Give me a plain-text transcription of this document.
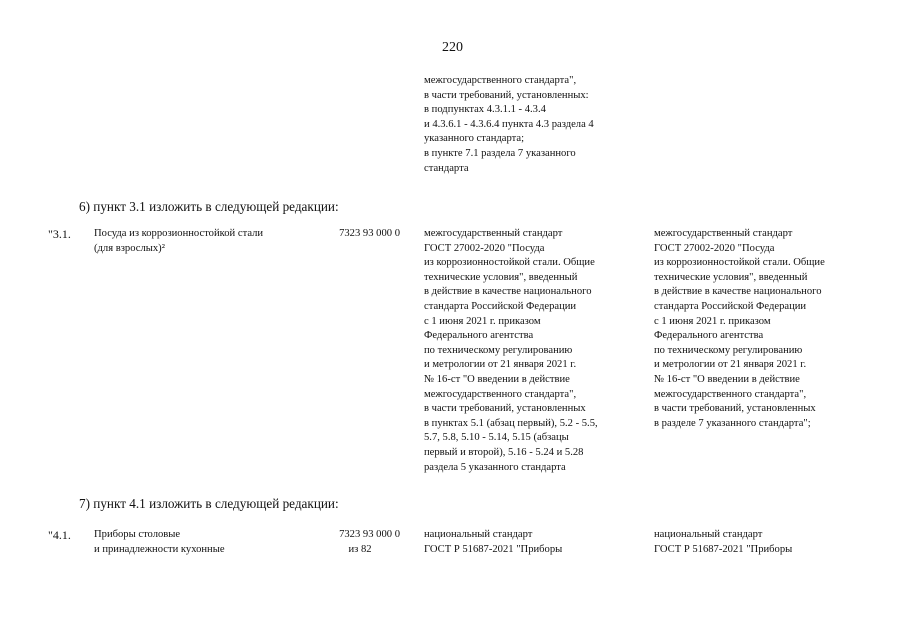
220
межгосударственного стандарта",
в части требований, установленных:
в подпунктах 4.3.1.1 - 4.3.4
и 4.3.6.1 - 4.3.6.4 пункта 4.3 раздела 4
указанного стандарта;
в пункте 7.1 раздела 7 указанного
стандарта
6) пункт 3.1 изложить в следующей редакции:
"3.1. Посуда из коррозионностойкой стали
(для взрослых)²
7323 93 000 0 межгосударственный стандарт
ГОСТ 27002-2020 "Посуда
из коррозионностойкой стали. Общие
технические условия", введенный
в действие в качестве национального
стандарта Российской Федерации
с 1 июня 2021 г. приказом
Федерального агентства
по техническому регулированию
и метрологии от 21 января 2021 г.
№ 16-ст "О введении в действие
межгосударственного стандарта",
в части требований, установленных
в пунктах 5.1 (абзац первый), 5.2 - 5.5,
5.7, 5.8, 5.10 - 5.14, 5.15 (абзацы
первый и второй), 5.16 - 5.24 и 5.28
раздела 5 указанного стандарта
межгосударственный стандарт
ГОСТ 27002-2020 "Посуда
из коррозионностойкой стали. Общие
технические условия", введенный
в действие в качестве национального
стандарта Российской Федерации
с 1 июня 2021 г. приказом
Федерального агентства
по техническому регулированию
и метрологии от 21 января 2021 г.
№ 16-ст "О введении в действие
межгосударственного стандарта",
в части требований, установленных
в разделе 7 указанного стандарта";
7) пункт 4.1 изложить в следующей редакции:
"4.1. Приборы столовые
и принадлежности кухонные
7323 93 000 0
из 82
национальный стандарт
ГОСТ Р 51687-2021 "Приборы
национальный стандарт
ГОСТ Р 51687-2021 "Приборы
